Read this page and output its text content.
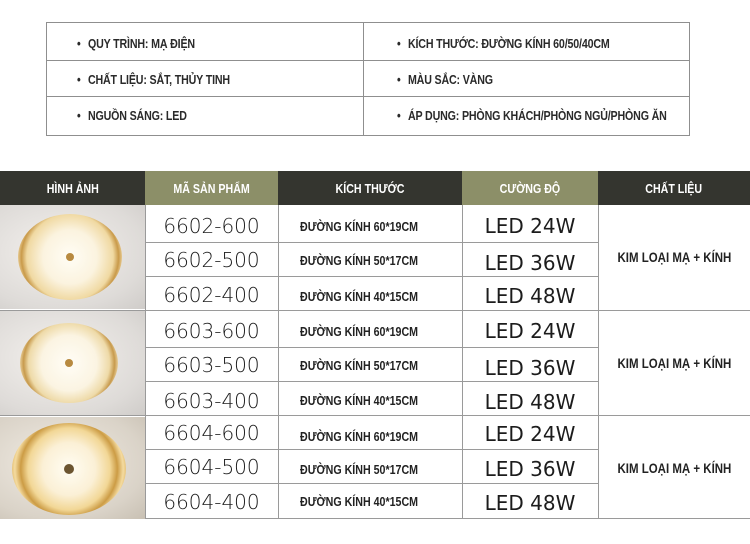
• QUY TRÌNH: MẠ ĐIỆN	• KÍCH THƯỚC: ĐƯỜNG KÍNH 60/50/40CM
• CHẤT LIỆU: SẮT, THỦY TINH	• MÀU SẮC: VÀNG
• NGUỒN SÁNG: LED	• ÁP DỤNG: PHÒNG KHÁCH/PHÒNG NGỦ/PHÒNG ĂN
HÌNH ẢNH	MÃ SẢN PHẨM	KÍCH THƯỚC	CƯỜNG ĐỘ	CHẤT LIỆU
KIM LOẠI MẠ + KÍNH
6602-600	ĐƯỜNG KÍNH 60*19CM	LED 24W
6602-500	ĐƯỜNG KÍNH 50*17CM	LED 36W
6602-400	ĐƯỜNG KÍNH 40*15CM	LED 48W
KIM LOẠI MẠ + KÍNH
6603-600	ĐƯỜNG KÍNH 60*19CM	LED 24W
6603-500	ĐƯỜNG KÍNH 50*17CM	LED 36W
6603-400	ĐƯỜNG KÍNH 40*15CM	LED 48W
KIM LOẠI MẠ + KÍNH
6604-600	ĐƯỜNG KÍNH 60*19CM	LED 24W
6604-500	ĐƯỜNG KÍNH 50*17CM	LED 36W
6604-400	ĐƯỜNG KÍNH 40*15CM	LED 48W
